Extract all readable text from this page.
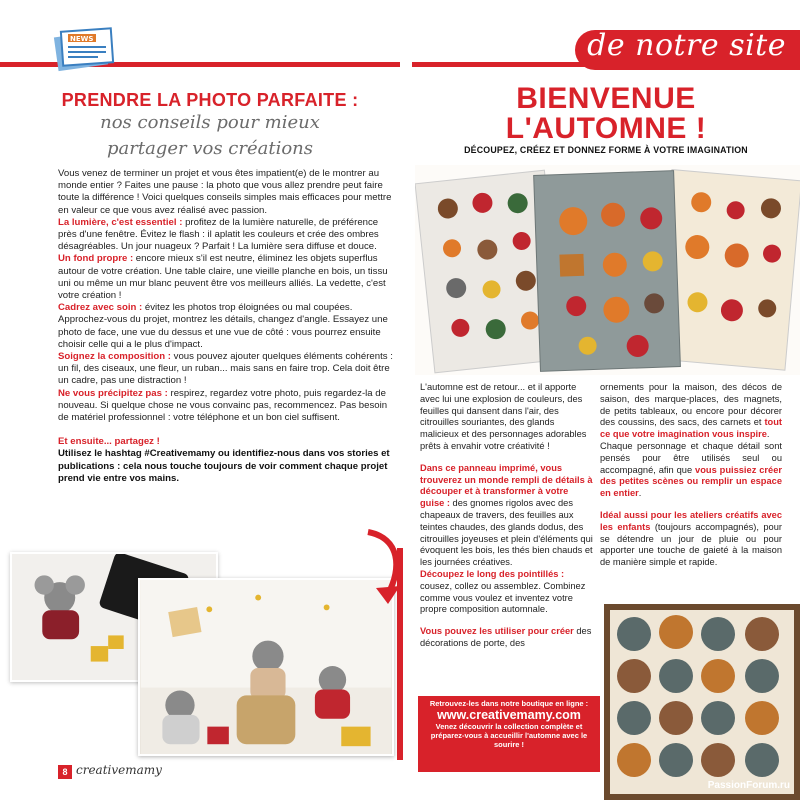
de notre site
NEWS
PRENDRE LA PHOTO PARFAITE :
nos conseils pour mieux
partager vos créations

Vous venez de terminer un projet et vous êtes impatient(e) de le montrer au monde entier ? Faites une pause : la photo que vous allez prendre peut faire toute la différence ! Voici quelques conseils simples mais efficaces pour mettre en valeur ce que vous avez réalisé avec passion.

La lumière, c'est essentiel : profitez de la lumière naturelle, de préférence près d'une fenêtre. Évitez le flash : il aplatit les couleurs et crée des ombres désagréables. Un jour nuageux ? Parfait ! La lumière sera diffuse et douce.

Un fond propre : encore mieux s'il est neutre, éliminez les objets superflus autour de votre création. Une table claire, une vieille planche en bois, un tissu uni ou même un mur blanc peuvent être vos meilleurs alliés. La vedette, c'est votre création !

Cadrez avec soin : évitez les photos trop éloignées ou mal coupées. Approchez-vous du projet, montrez les détails, changez d'angle. Essayez une photo de face, une vue du dessus et une vue de côté : vous pourrez ensuite choisir celle qui a le plus d'impact.

Soignez la composition : vous pouvez ajouter quelques éléments cohérents : un fil, des ciseaux, une fleur, un ruban... mais sans en faire trop. Cela doit être un cadre, pas une distraction !

Ne vous précipitez pas : respirez, regardez votre photo, puis regardez-la de nouveau. Si quelque chose ne vous convainc pas, recommencez. Pas besoin de matériel professionnel : votre téléphone et un bon ciel suffisent.

Et ensuite... partagez !

Utilisez le hashtag #Creativemamy ou identifiez-nous dans vos stories et publications : cela nous touche toujours de voir comment chaque projet prend vie entre vos mains.

8 creativemamy
BIENVENUE
L'AUTOMNE !
DÉCOUPEZ, CRÉEZ ET DONNEZ FORME À VOTRE IMAGINATION

L'automne est de retour... et il apporte avec lui une explosion de couleurs, des feuilles qui dansent dans l'air, des citrouilles souriantes, des glands malicieux et des personnages adorables prêts à envahir votre créativité !

Dans ce panneau imprimé, vous trouverez un monde rempli de détails à découper et à transformer à votre guise : des gnomes rigolos avec des chapeaux de travers, des feuilles aux teintes chaudes, des glands dodus, des citrouilles joyeuses et plein d'éléments qui évoquent les bois, les thés bien chauds et les journées créatives.

Découpez le long des pointillés : cousez, collez ou assemblez. Combinez comme vous voulez et inventez votre propre composition automnale.

Vous pouvez les utiliser pour créer des décorations de porte, des

ornements pour la maison, des décos de saison, des marque-places, des magnets, de petits tableaux, ou encore pour décorer des coussins, des sacs, des carnets et tout ce que votre imagination vous inspire.

Chaque personnage et chaque détail sont pensés pour être utilisés seul ou accompagné, afin que vous puissiez créer des petites scènes ou remplir un espace en entier.

Idéal aussi pour les ateliers créatifs avec les enfants (toujours accompagnés), pour se détendre un jour de pluie ou pour apporter une touche de gaieté à la maison de manière simple et rapide.

Retrouvez-les dans notre boutique en ligne :
www.creativemamy.com
Venez découvrir la collection complète et préparez-vous à accueillir l'automne avec le sourire !
PassionForum.ru
